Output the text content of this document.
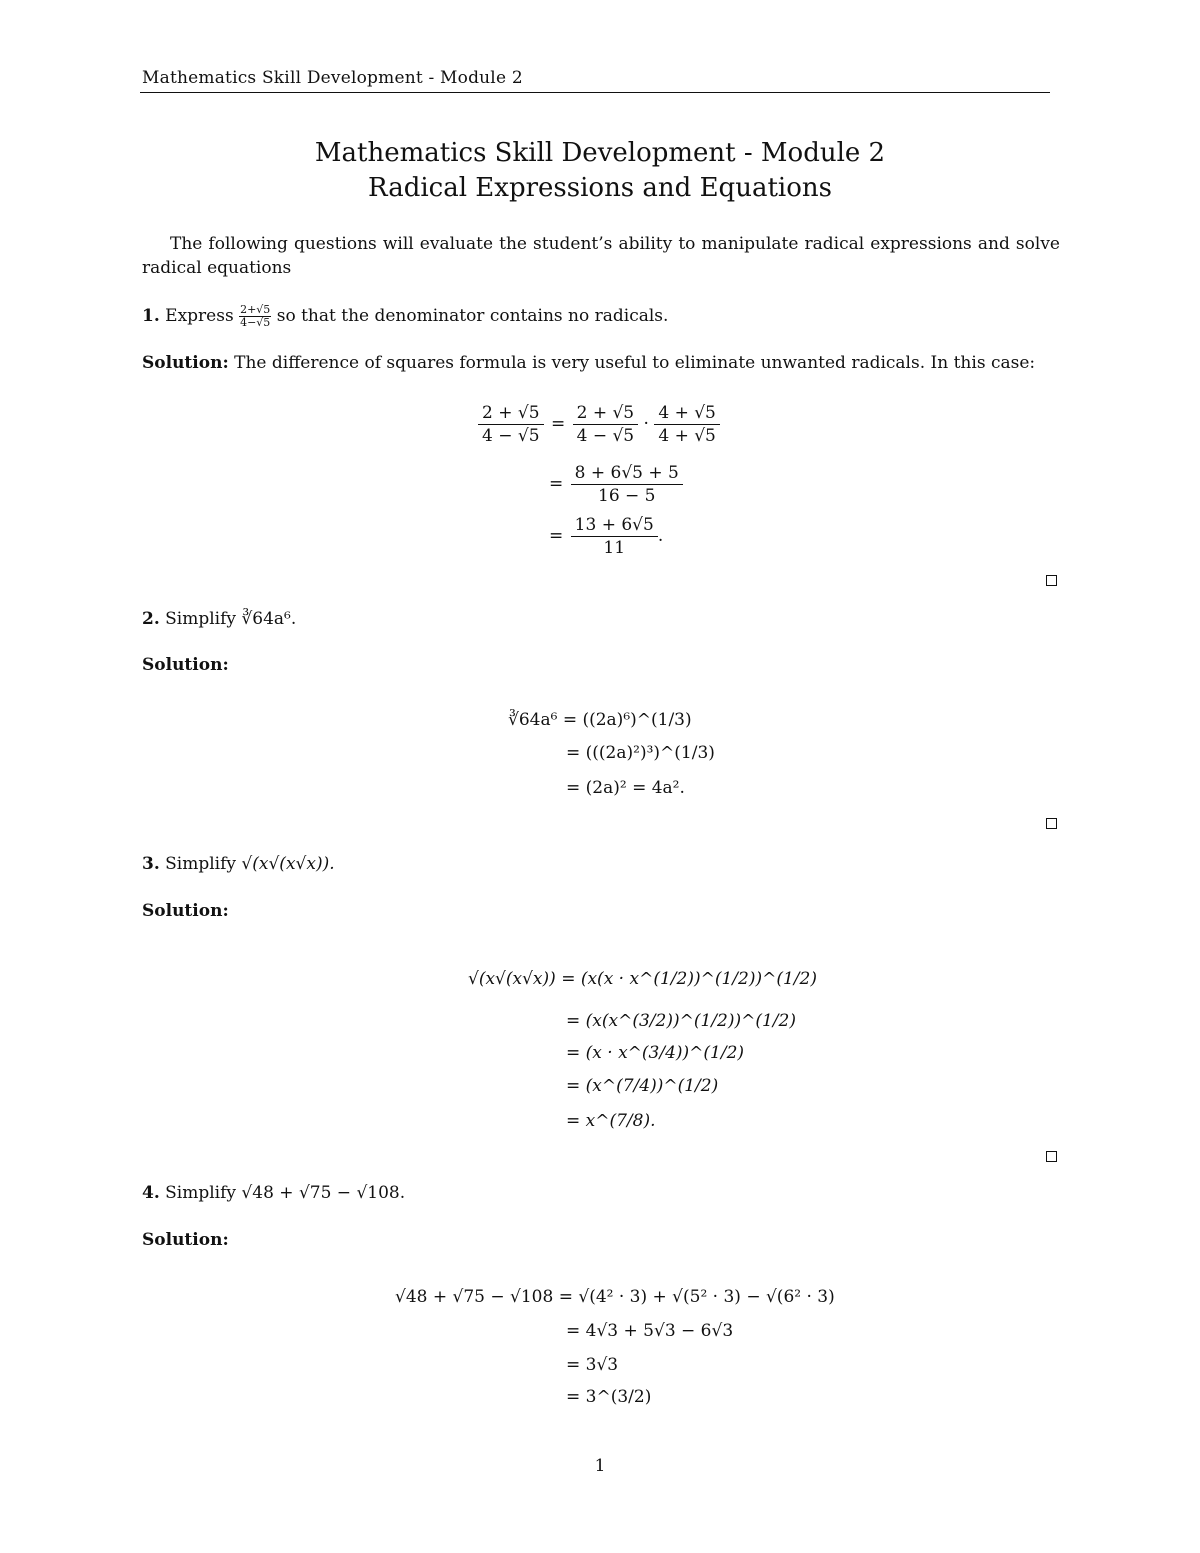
Mathematics Skill Development - Module 2
Mathematics Skill Development - Module 2
Radical Expressions and Equations
The following questions will evaluate the student’s ability to manipulate radical expressions and solve radical equations
1. Express $\frac{2+√5}{4-√5}$ so that the denominator contains no radicals.
Solution: The difference of squares formula is very useful to eliminate unwanted radicals. In this case:
$\frac{2 + √5}{4 - √5} = \frac{2 + √5}{4 - √5} \cdot \frac{4 + √5}{4 + √5}$
= $\frac{8 + 6√5 + 5}{16 - 5}$
= $\frac{13 + 6√5}{11}$ .
2. Simplify ∛64a⁶.
Solution:
∛64a⁶ = ((2a)⁶)^(1/3)
= (((2a)²)³)^(1/3)
= (2a)² = 4a².
3. Simplify √(x√(x√x)).
Solution:
√(x√(x√x)) = (x(x · x^(1/2))^(1/2))^(1/2)
= (x(x^(3/2))^(1/2))^(1/2)
= (x · x^(3/4))^(1/2)
= (x^(7/4))^(1/2)
= x^(7/8).
4. Simplify √48 + √75 − √108.
Solution:
√48 + √75 − √108 = √(4² · 3) + √(5² · 3) − √(6² · 3)
= 4√3 + 5√3 − 6√3
= 3√3
= 3^(3/2)
1
